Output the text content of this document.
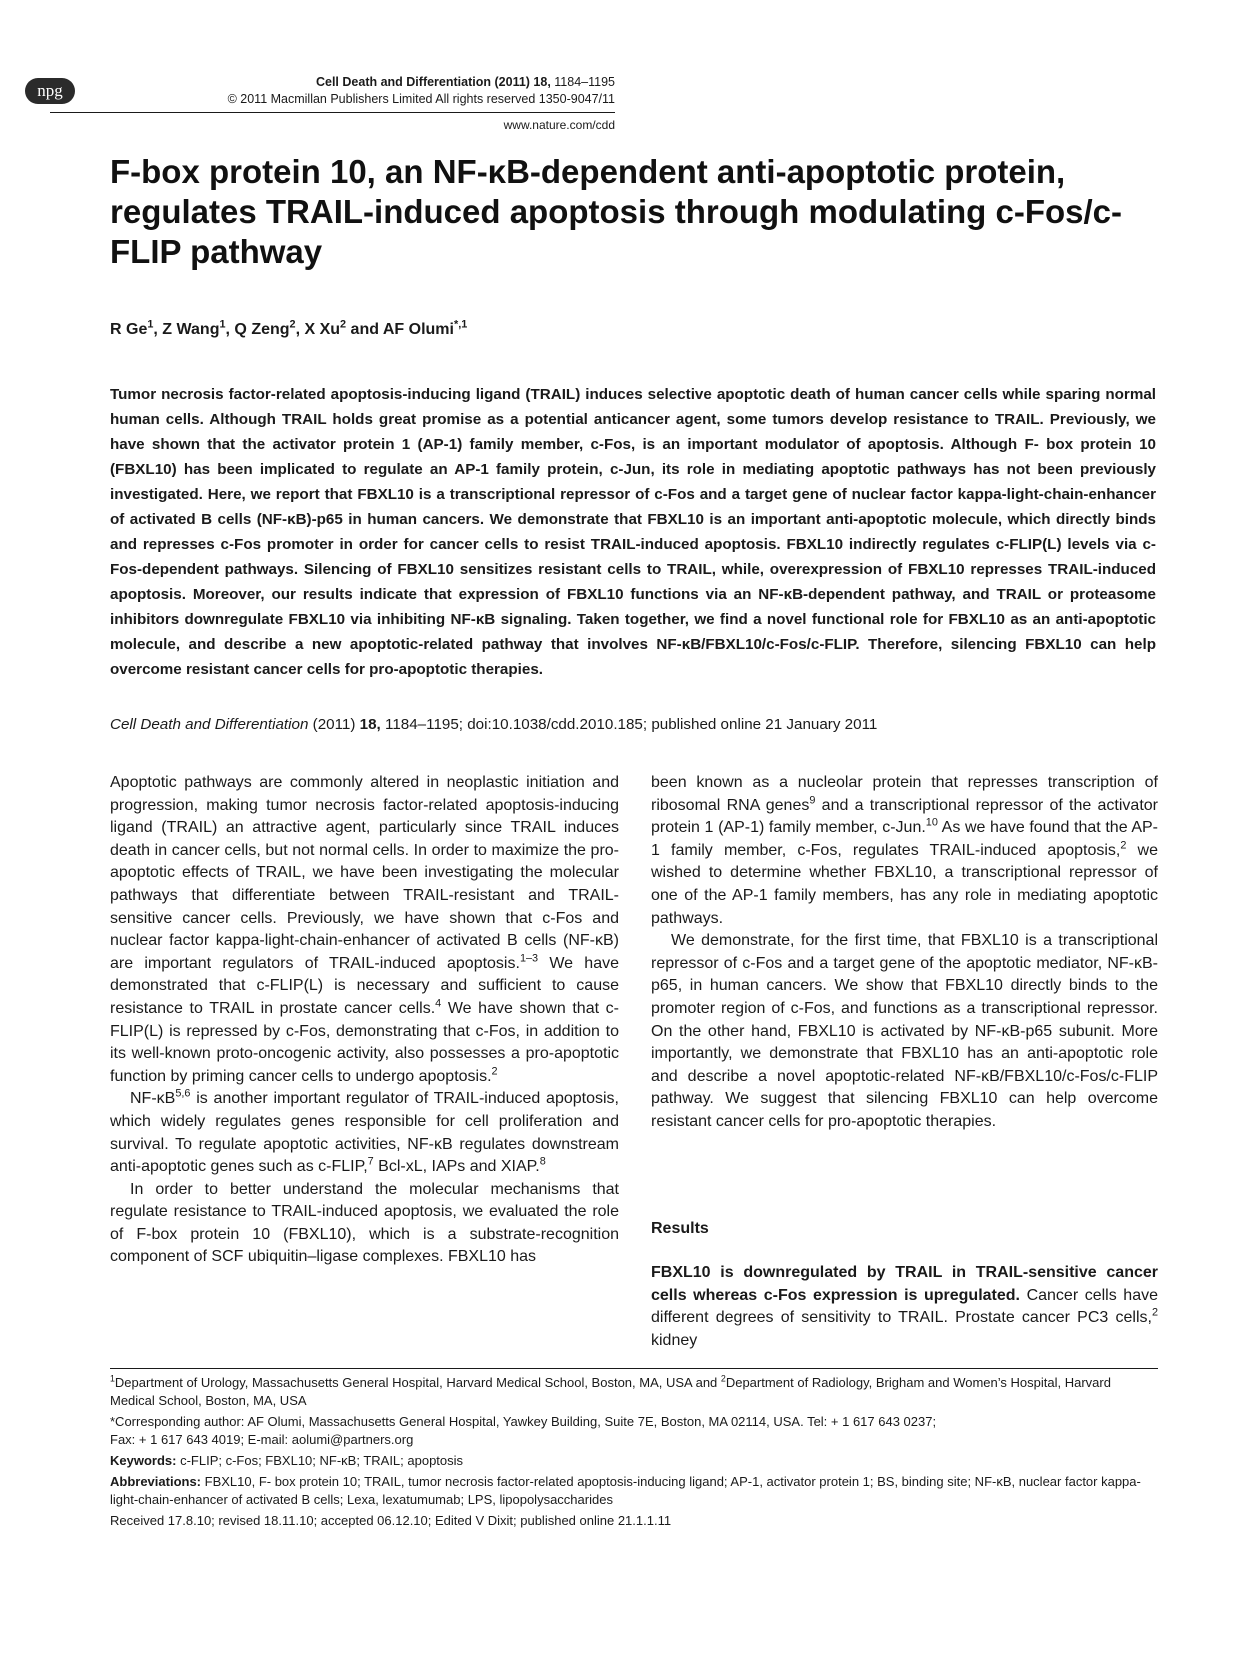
npg	Cell Death and Differentiation (2011) 18, 1184–1195
© 2011 Macmillan Publishers Limited All rights reserved 1350-9047/11
www.nature.com/cdd
F-box protein 10, an NF-κB-dependent anti-apoptotic protein, regulates TRAIL-induced apoptosis through modulating c-Fos/c-FLIP pathway
R Ge$^1$, Z Wang$^1$, Q Zeng$^2$, X Xu$^2$ and AF Olumi$^{*,1}$
Tumor necrosis factor-related apoptosis-inducing ligand (TRAIL) induces selective apoptotic death of human cancer cells while sparing normal human cells. Although TRAIL holds great promise as a potential anticancer agent, some tumors develop resistance to TRAIL. Previously, we have shown that the activator protein 1 (AP-1) family member, c-Fos, is an important modulator of apoptosis. Although F- box protein 10 (FBXL10) has been implicated to regulate an AP-1 family protein, c-Jun, its role in mediating apoptotic pathways has not been previously investigated. Here, we report that FBXL10 is a transcriptional repressor of c-Fos and a target gene of nuclear factor kappa-light-chain-enhancer of activated B cells (NF-κB)-p65 in human cancers. We demonstrate that FBXL10 is an important anti-apoptotic molecule, which directly binds and represses c-Fos promoter in order for cancer cells to resist TRAIL-induced apoptosis. FBXL10 indirectly regulates c-FLIP(L) levels via c-Fos-dependent pathways. Silencing of FBXL10 sensitizes resistant cells to TRAIL, while, overexpression of FBXL10 represses TRAIL-induced apoptosis. Moreover, our results indicate that expression of FBXL10 functions via an NF-κB-dependent pathway, and TRAIL or proteasome inhibitors downregulate FBXL10 via inhibiting NF-κB signaling. Taken together, we find a novel functional role for FBXL10 as an anti-apoptotic molecule, and describe a new apoptotic-related pathway that involves NF-κB/FBXL10/c-Fos/c-FLIP. Therefore, silencing FBXL10 can help overcome resistant cancer cells for pro-apoptotic therapies.
Cell Death and Differentiation (2011) 18, 1184–1195; doi:10.1038/cdd.2010.185; published online 21 January 2011

Apoptotic pathways are commonly altered in neoplastic initiation and progression, making tumor necrosis factor-related apoptosis-inducing ligand (TRAIL) an attractive agent, particularly since TRAIL induces death in cancer cells, but not normal cells. In order to maximize the pro-apoptotic effects of TRAIL, we have been investigating the molecular pathways that differentiate between TRAIL-resistant and TRAIL-sensitive cancer cells. Previously, we have shown that c-Fos and nuclear factor kappa-light-chain-enhancer of activated B cells (NF-κB) are important regulators of TRAIL-induced apoptosis.$^{1-3}$ We have demonstrated that c-FLIP(L) is necessary and sufficient to cause resistance to TRAIL in prostate cancer cells.$^4$ We have shown that c-FLIP(L) is repressed by c-Fos, demonstrating that c-Fos, in addition to its well-known proto-oncogenic activity, also possesses a pro-apoptotic function by priming cancer cells to undergo apoptosis.$^2$

NF-κB$^{5,6}$ is another important regulator of TRAIL-induced apoptosis, which widely regulates genes responsible for cell proliferation and survival. To regulate apoptotic activities, NF-κB regulates downstream anti-apoptotic genes such as c-FLIP,$^7$ Bcl-xL, IAPs and XIAP.$^8$

In order to better understand the molecular mechanisms that regulate resistance to TRAIL-induced apoptosis, we evaluated the role of F-box protein 10 (FBXL10), which is a substrate-recognition component of SCF ubiquitin–ligase complexes. FBXL10 has

been known as a nucleolar protein that represses transcription of ribosomal RNA genes$^9$ and a transcriptional repressor of the activator protein 1 (AP-1) family member, c-Jun.$^{10}$ As we have found that the AP-1 family member, c-Fos, regulates TRAIL-induced apoptosis,$^2$ we wished to determine whether FBXL10, a transcriptional repressor of one of the AP-1 family members, has any role in mediating apoptotic pathways.

We demonstrate, for the first time, that FBXL10 is a transcriptional repressor of c-Fos and a target gene of the apoptotic mediator, NF-κB-p65, in human cancers. We show that FBXL10 directly binds to the promoter region of c-Fos, and functions as a transcriptional repressor. On the other hand, FBXL10 is activated by NF-κB-p65 subunit. More importantly, we demonstrate that FBXL10 has an anti-apoptotic role and describe a novel apoptotic-related NF-κB/FBXL10/c-Fos/c-FLIP pathway. We suggest that silencing FBXL10 can help overcome resistant cancer cells for pro-apoptotic therapies.

Results
FBXL10 is downregulated by TRAIL in TRAIL-sensitive cancer cells whereas c-Fos expression is upregulated. Cancer cells have different degrees of sensitivity to TRAIL. Prostate cancer PC3 cells,$^2$ kidney

$^1$Department of Urology, Massachusetts General Hospital, Harvard Medical School, Boston, MA, USA and $^2$Department of Radiology, Brigham and Women’s Hospital, Harvard Medical School, Boston, MA, USA

*Corresponding author: AF Olumi, Massachusetts General Hospital, Yawkey Building, Suite 7E, Boston, MA 02114, USA. Tel: + 1 617 643 0237;

Fax: + 1 617 643 4019; E-mail: aolumi@partners.org

Keywords: c-FLIP; c-Fos; FBXL10; NF-κB; TRAIL; apoptosis

Abbreviations: FBXL10, F- box protein 10; TRAIL, tumor necrosis factor-related apoptosis-inducing ligand; AP-1, activator protein 1; BS, binding site; NF-κB, nuclear factor kappa-light-chain-enhancer of activated B cells; Lexa, lexatumumab; LPS, lipopolysaccharides

Received 17.8.10; revised 18.11.10; accepted 06.12.10; Edited V Dixit; published online 21.1.1.11
